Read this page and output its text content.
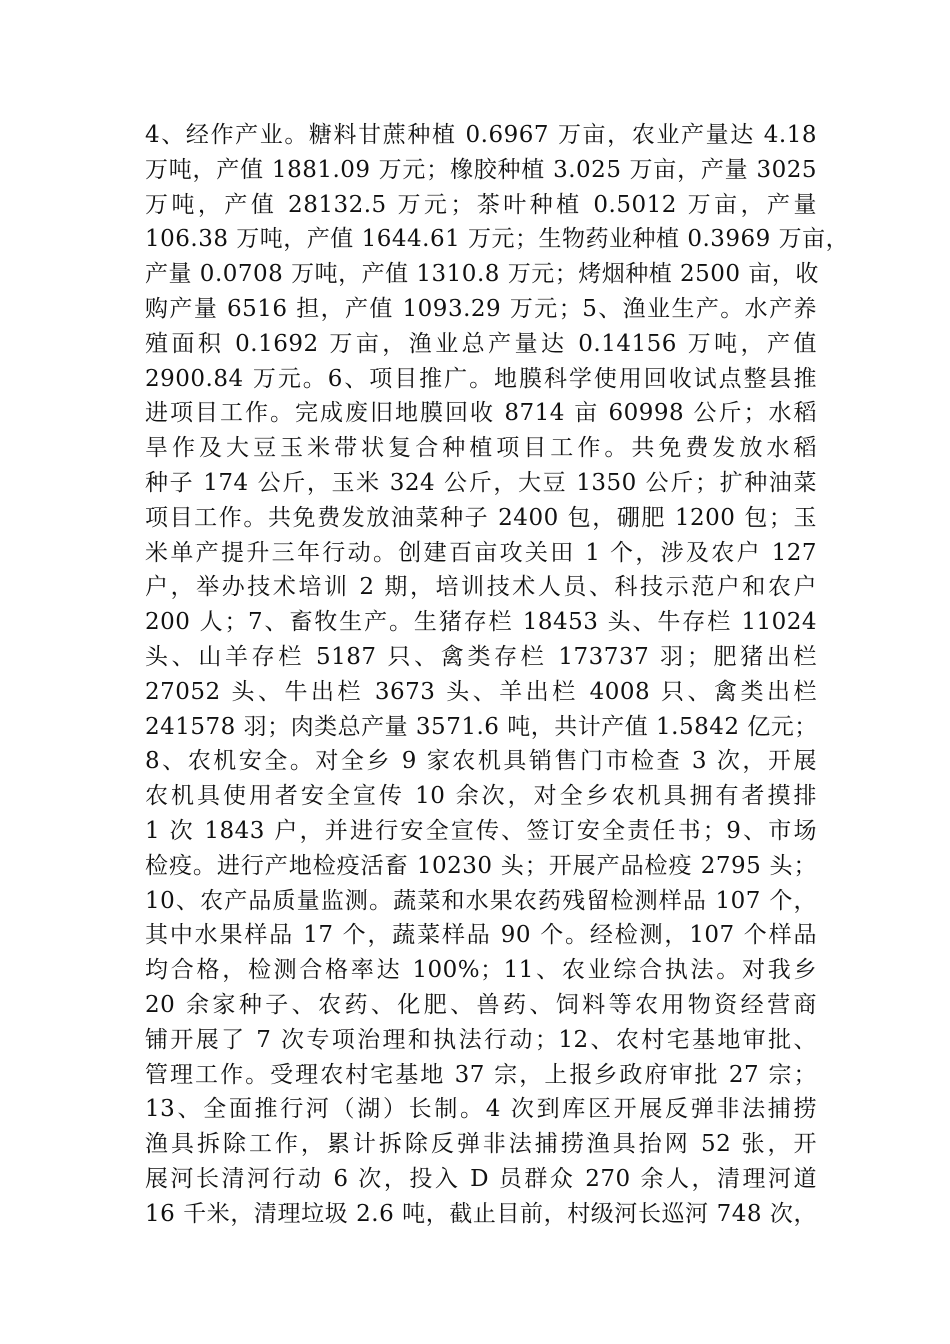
4、经作产业。糖料甘蔗种植 0.6967 万亩，农业产量达 4.18
万吨，产值 1881.09 万元；橡胶种植 3.025 万亩，产量 3025
万吨，产值 28132.5 万元；茶叶种植 0.5012 万亩，产量
106.38 万吨，产值 1644.61 万元；生物药业种植 0.3969 万亩，
产量 0.0708 万吨，产值 1310.8 万元；烤烟种植 2500 亩，收
购产量 6516 担，产值 1093.29 万元；5、渔业生产。水产养
殖面积 0.1692 万亩，渔业总产量达 0.14156 万吨，产值
2900.84 万元。6、项目推广。地膜科学使用回收试点整县推
进项目工作。完成废旧地膜回收 8714 亩 60998 公斤；水稻
旱作及大豆玉米带状复合种植项目工作。共免费发放水稻
种子 174 公斤，玉米 324 公斤，大豆 1350 公斤；扩种油菜
项目工作。共免费发放油菜种子 2400 包，硼肥 1200 包；玉
米单产提升三年行动。创建百亩攻关田 1 个，涉及农户 127
户，举办技术培训 2 期，培训技术人员、科技示范户和农户
200 人；7、畜牧生产。生猪存栏 18453 头、牛存栏 11024
头、山羊存栏 5187 只、禽类存栏 173737 羽；肥猪出栏
27052 头、牛出栏 3673 头、羊出栏 4008 只、禽类出栏
241578 羽；肉类总产量 3571.6 吨，共计产值 1.5842 亿元；
8、农机安全。对全乡 9 家农机具销售门市检查 3 次，开展
农机具使用者安全宣传 10 余次，对全乡农机具拥有者摸排
1 次 1843 户，并进行安全宣传、签订安全责任书；9、市场
检疫。进行产地检疫活畜 10230 头；开展产品检疫 2795 头；
10、农产品质量监测。蔬菜和水果农药残留检测样品 107 个，
其中水果样品 17 个，蔬菜样品 90 个。经检测，107 个样品
均合格，检测合格率达 100%；11、农业综合执法。对我乡
20 余家种子、农药、化肥、兽药、饲料等农用物资经营商
铺开展了 7 次专项治理和执法行动；12、农村宅基地审批、
管理工作。受理农村宅基地 37 宗，上报乡政府审批 27 宗；
13、全面推行河（湖）长制。4 次到库区开展反弹非法捕捞
渔具拆除工作，累计拆除反弹非法捕捞渔具抬网 52 张，开
展河长清河行动 6 次，投入 D 员群众 270 余人，清理河道
16 千米，清理垃圾 2.6 吨，截止目前，村级河长巡河 748 次，
